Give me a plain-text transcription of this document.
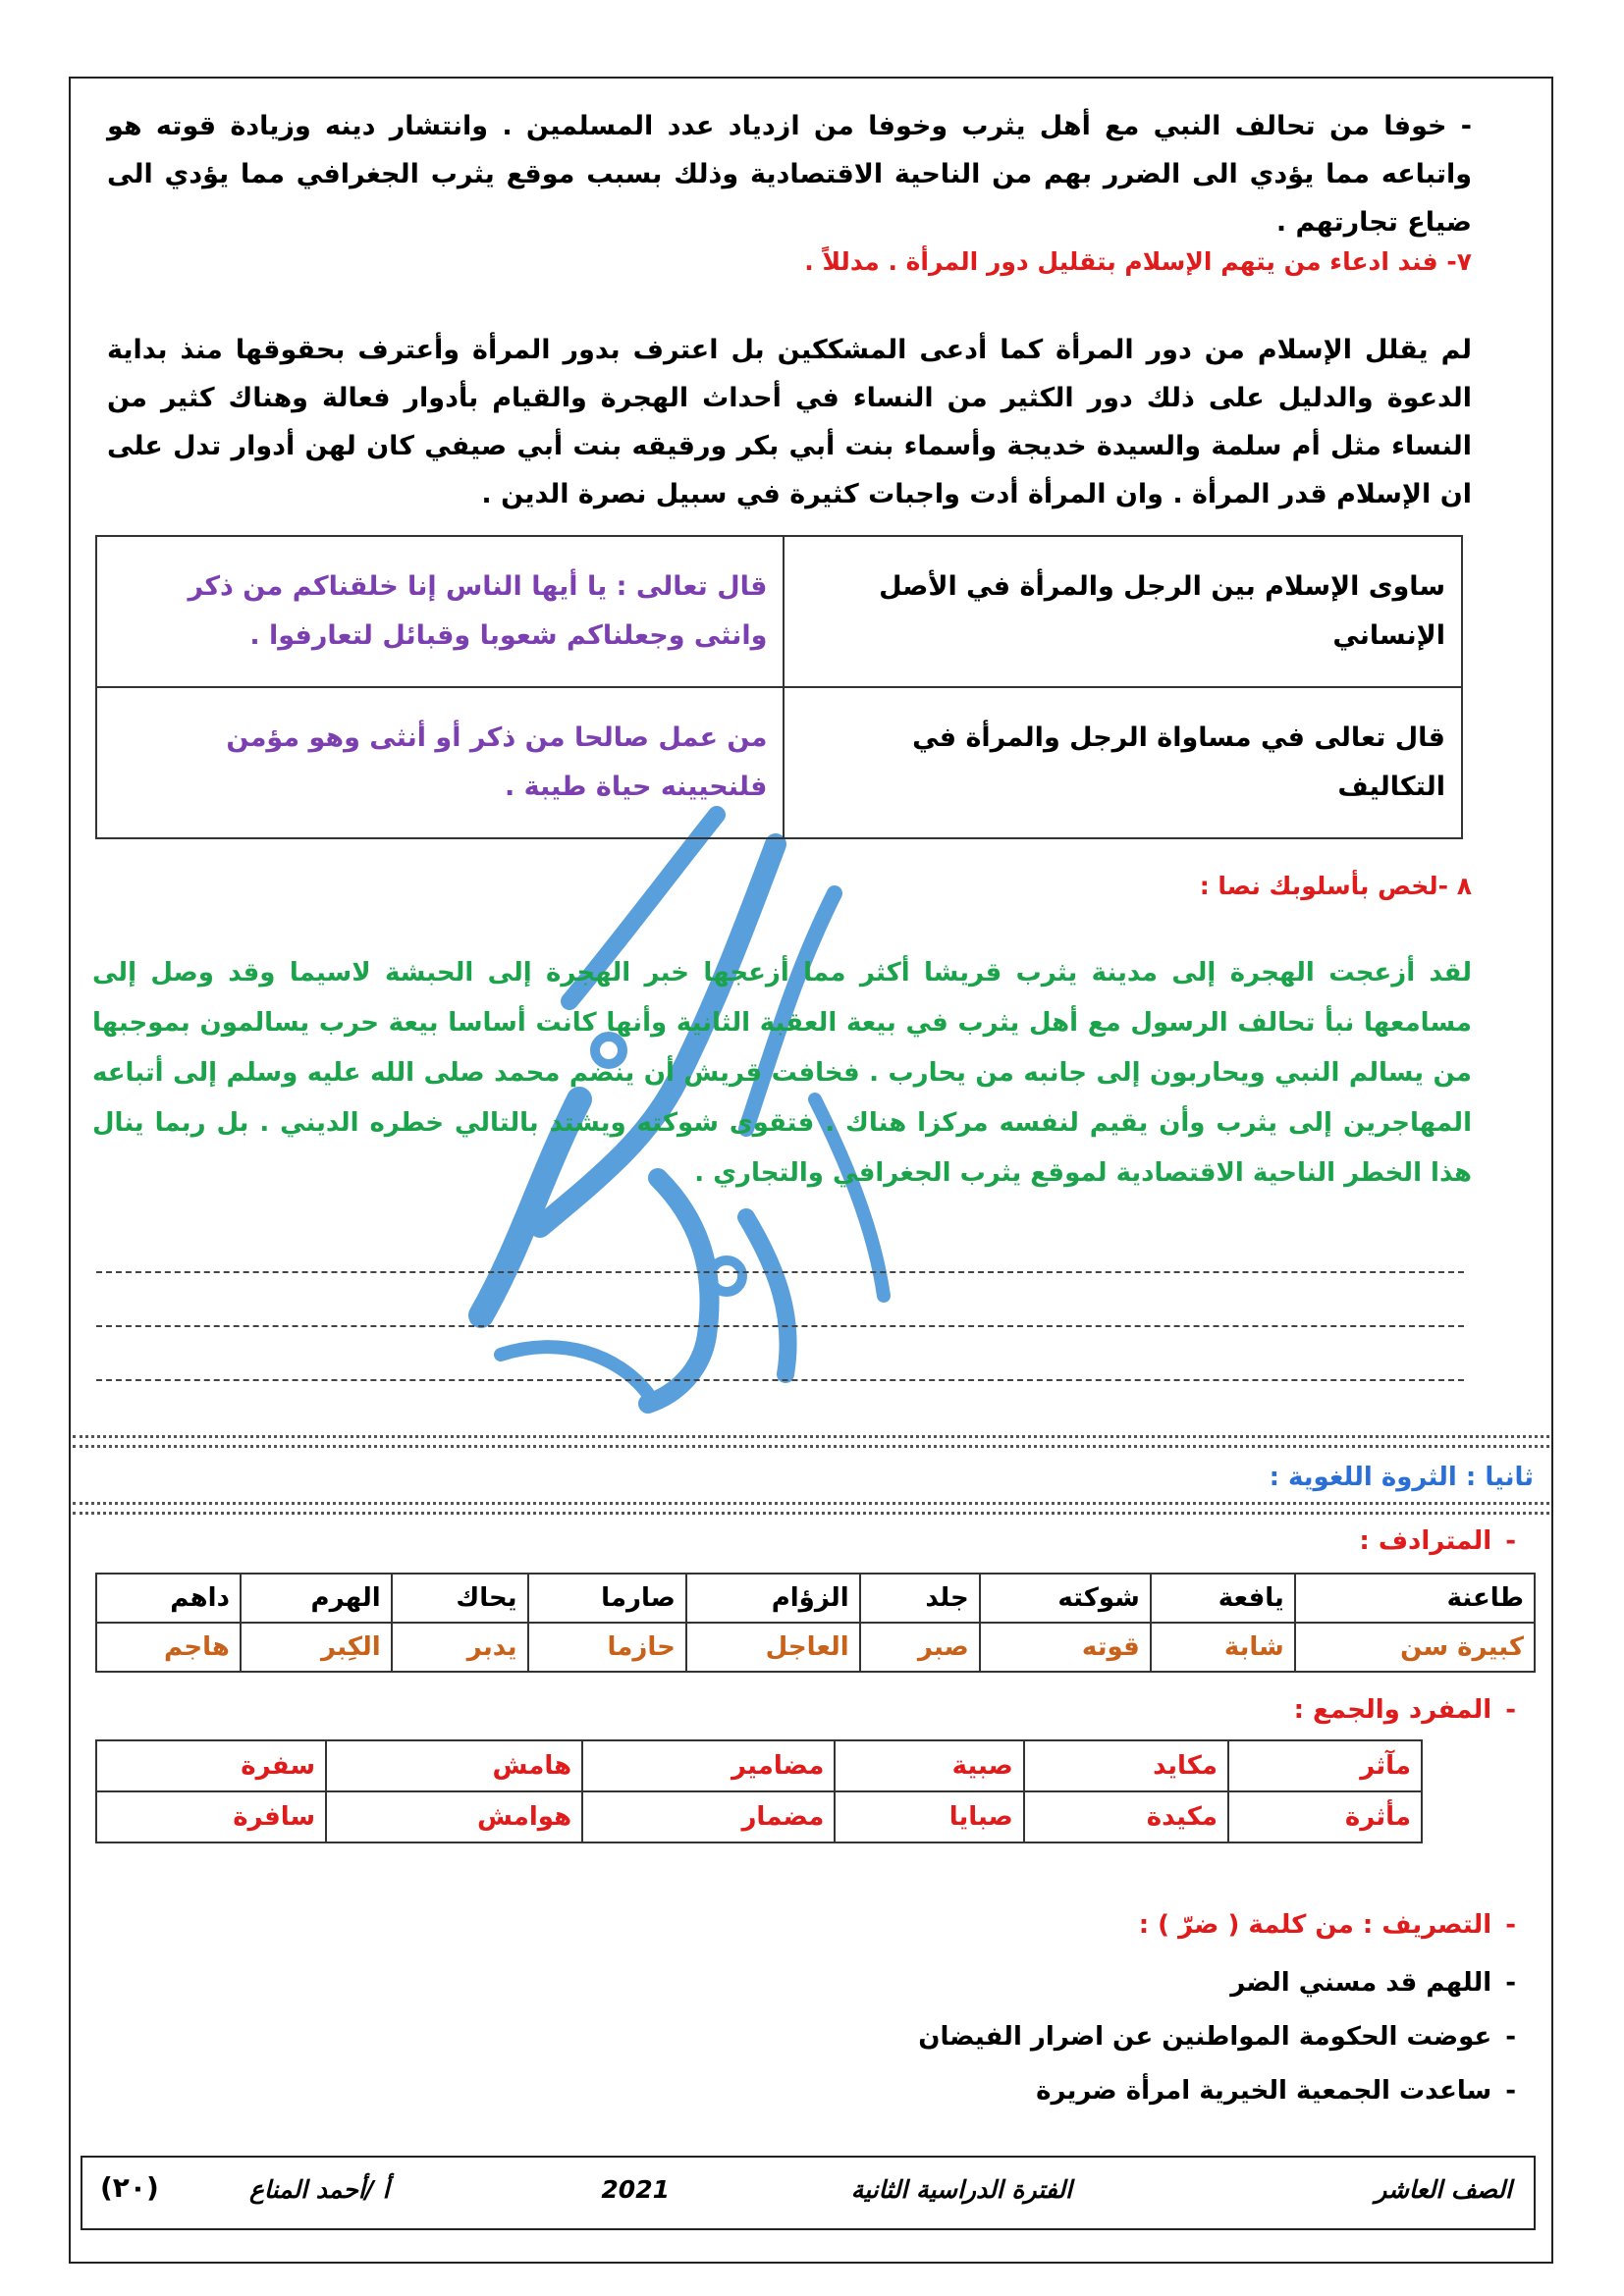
- خوفا من تحالف النبي مع أهل يثرب وخوفا من ازدياد عدد المسلمين . وانتشار دينه وزيادة قوته هو واتباعه مما يؤدي الى الضرر بهم من الناحية الاقتصادية وذلك بسبب موقع يثرب الجغرافي مما يؤدي الى ضياع تجارتهم .
٧- فند ادعاء من يتهم الإسلام بتقليل دور المرأة . مدللاً .
لم يقلل الإسلام من دور المرأة كما أدعى المشككين بل اعترف بدور المرأة وأعترف بحقوقها منذ بداية الدعوة والدليل على ذلك دور الكثير من النساء في أحداث الهجرة والقيام بأدوار فعالة وهناك كثير من النساء مثل أم سلمة والسيدة خديجة وأسماء بنت أبي بكر ورقيقه بنت أبي صيفي كان لهن أدوار تدل على ان الإسلام قدر المرأة . وان المرأة أدت واجبات كثيرة في سبيل نصرة الدين .
ساوى الإسلام بين الرجل والمرأة في الأصل الإنساني	قال تعالى : يا أيها الناس إنا خلقناكم من ذكر وانثى وجعلناكم شعوبا وقبائل لتعارفوا .
قال تعالى في مساواة الرجل والمرأة في التكاليف	من عمل صالحا من ذكر أو أنثى وهو مؤمن فلنحيينه حياة طيبة .
٨ -لخص بأسلوبك نصا :
لقد أزعجت الهجرة إلى مدينة يثرب قريشا أكثر مما أزعجها خبر الهجرة إلى الحبشة لاسيما وقد وصل إلى مسامعها نبأ تحالف الرسول مع أهل يثرب في بيعة العقبة الثانية وأنها كانت أساسا بيعة حرب يسالمون بموجبها من يسالم النبي ويحاربون إلى جانبه من يحارب . فخافت قريش أن ينضم محمد صلى الله عليه وسلم إلى أتباعه المهاجرين إلى يثرب وأن يقيم لنفسه مركزا هناك . فتقوى شوكته ويشتد بالتالي خطره الديني . بل ربما ينال هذا الخطر الناحية الاقتصادية لموقع يثرب الجغرافي والتجاري .
ثانيا : الثروة اللغوية :
-المترادف :
طاعنة	يافعة	شوكته	جلد	الزؤام	صارما	يحاك	الهرم	داهم
كبيرة سن	شابة	قوته	صبر	العاجل	حازما	يدبر	الكِبر	هاجم
-المفرد والجمع :
مآثر	مكايد	صبية	مضامير	هامش	سفرة
مأثرة	مكيدة	صبايا	مضمار	هوامش	سافرة
-التصريف : من كلمة ( ضرّ ) :
-اللهم قد مسني الضر
-عوضت الحكومة المواطنين عن اضرار الفيضان
-ساعدت الجمعية الخيرية امرأة ضريرة
الصف العاشر
الفترة الدراسية الثانية
2021
أ /أحمد المناع
(٢٠)
